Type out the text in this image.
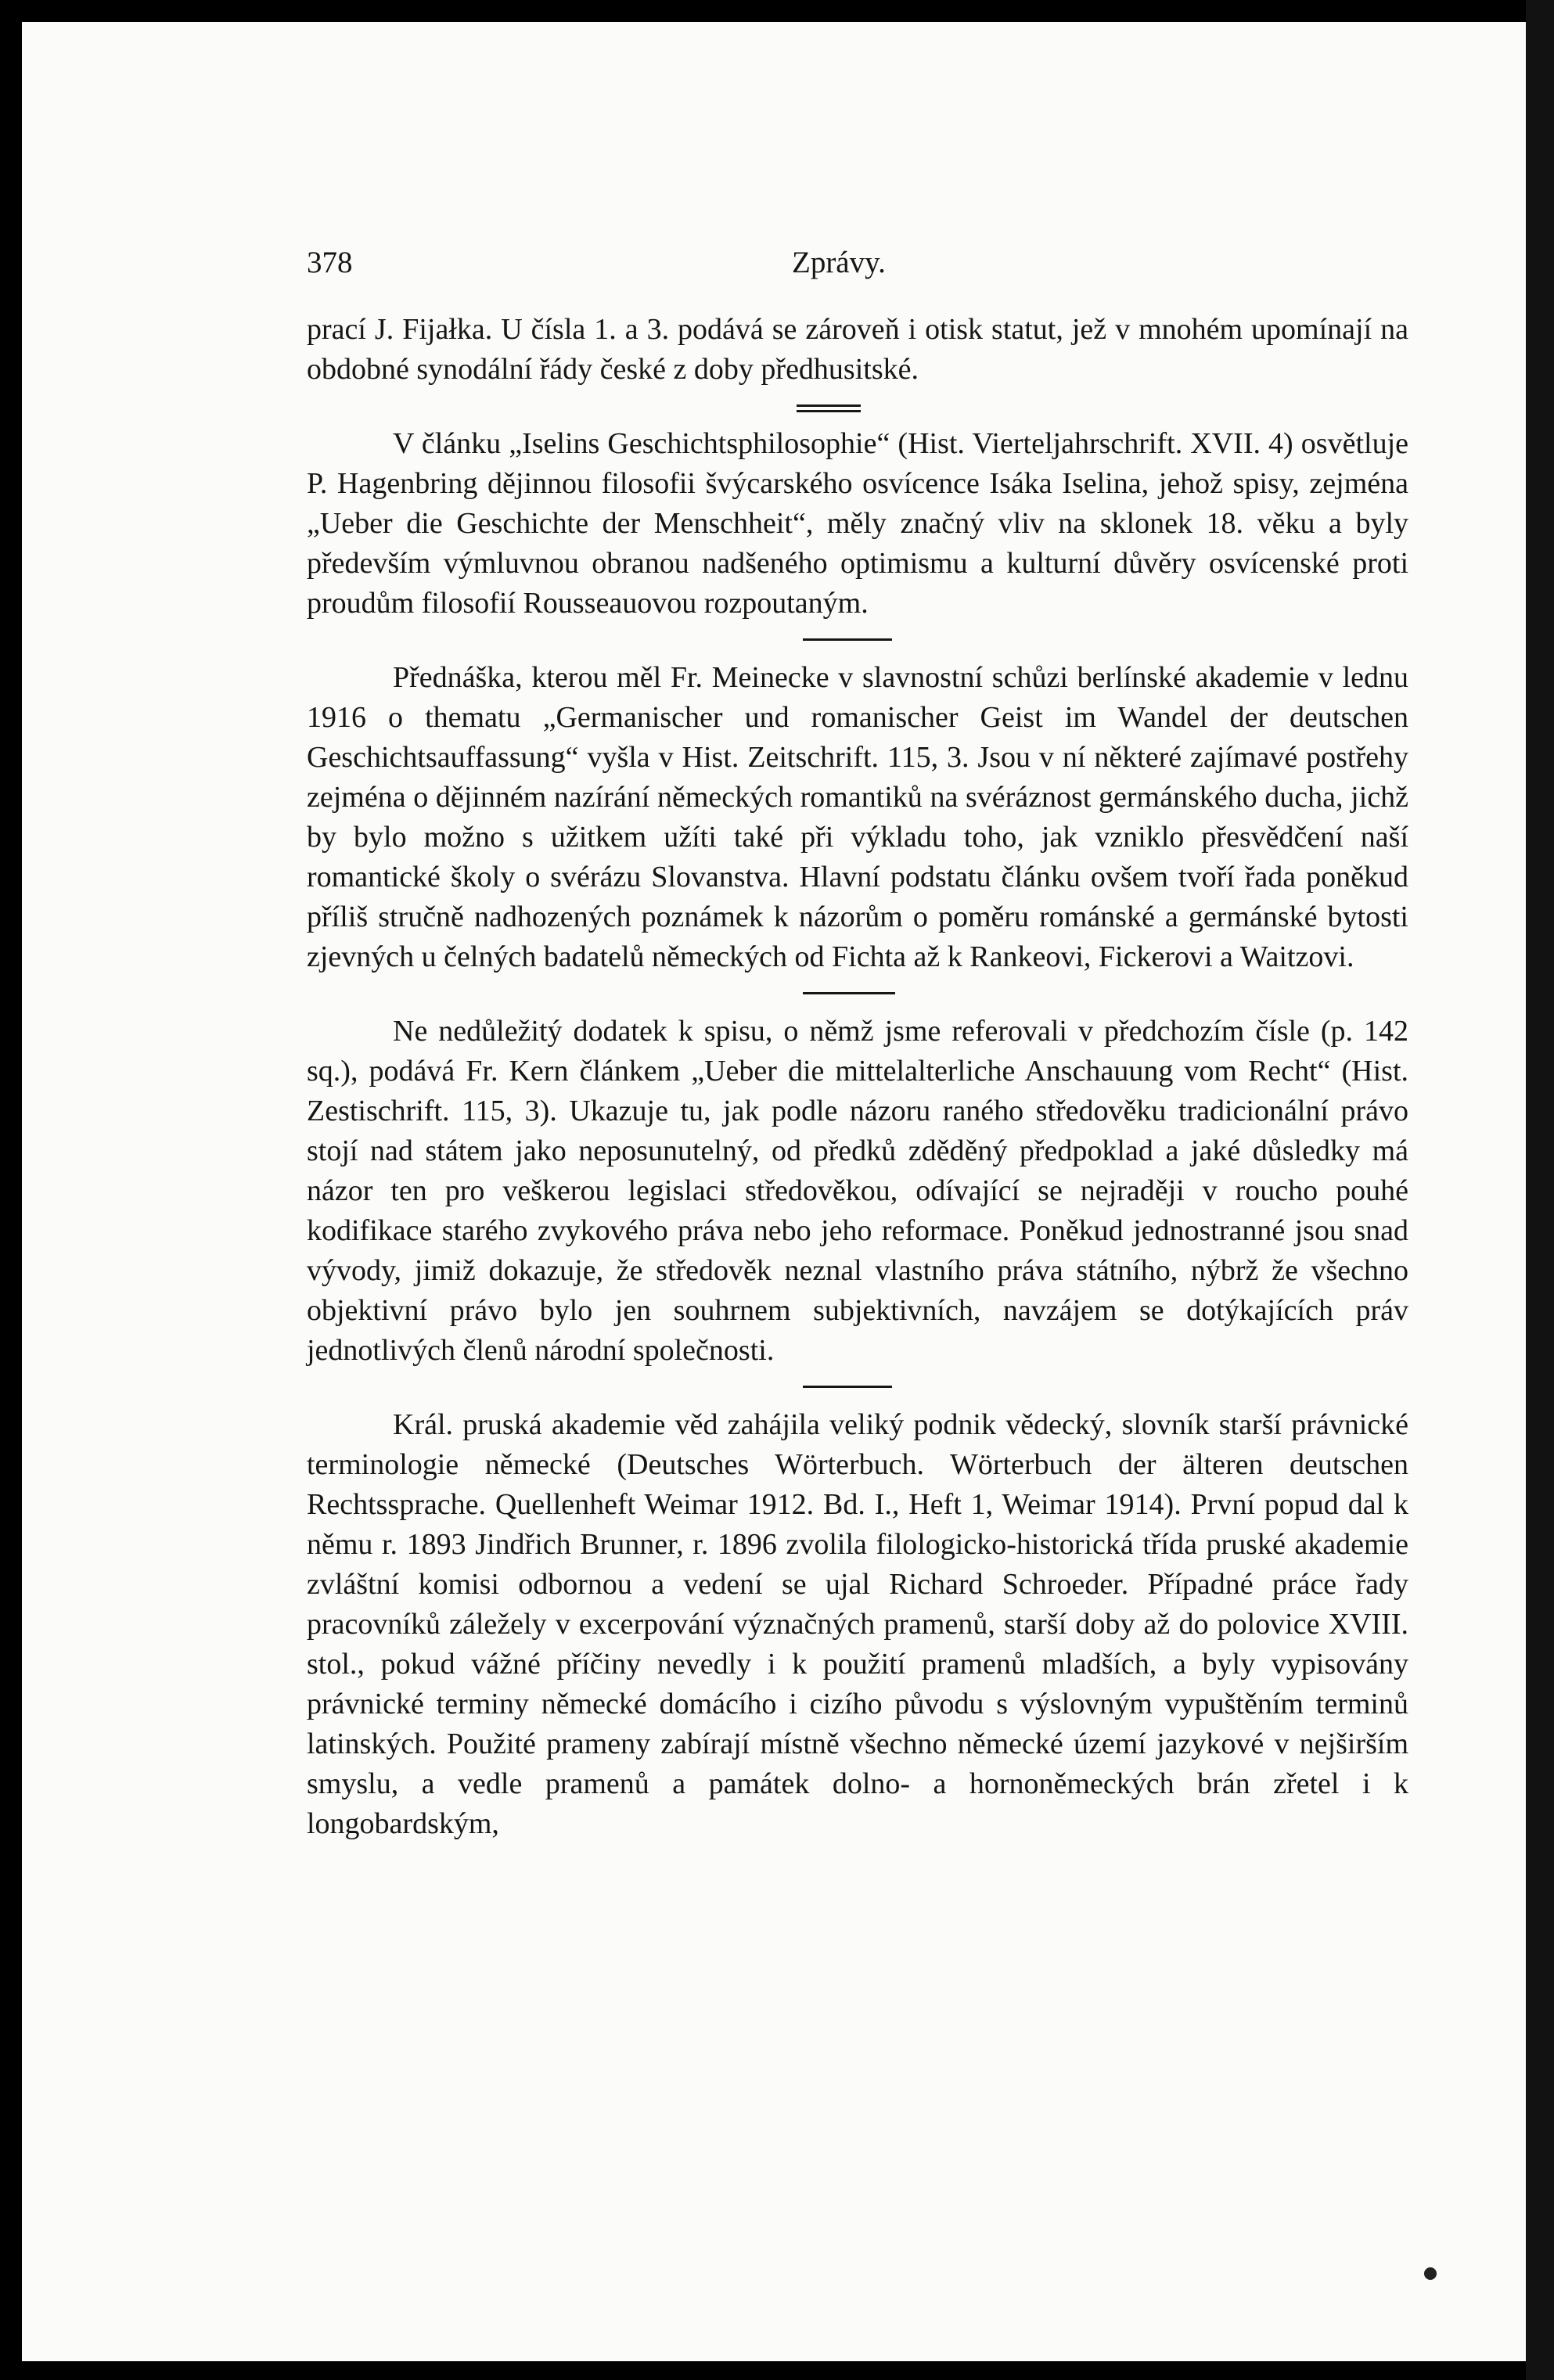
378	Zprávy.

prací J. Fijałka. U čísla 1. a 3. podává se zároveň i otisk statut, jež v mnohém upomínají na obdobné synodální řády české z doby předhusitské.

V článku „Iselins Geschichtsphilosophie“ (Hist. Vierteljahrschrift. XVII. 4) osvětluje P. Hagenbring dějinnou filosofii švýcarského osvícence Isáka Iselina, jehož spisy, zejména „Ueber die Geschichte der Menschheit“, měly značný vliv na sklonek 18. věku a byly především výmluvnou obranou nadšeného optimismu a kulturní důvěry osvícenské proti proudům filosofií Rousseauovou rozpoutaným.

Přednáška, kterou měl Fr. Meinecke v slavnostní schůzi berlínské akademie v lednu 1916 o thematu „Germanischer und romanischer Geist im Wandel der deutschen Geschichtsauffassung“ vyšla v Hist. Zeitschrift. 115, 3. Jsou v ní některé zajímavé postřehy zejména o dějinném nazírání německých romantiků na svéráznost germánského ducha, jichž by bylo možno s užitkem užíti také při výkladu toho, jak vzniklo přesvědčení naší romantické školy o svérázu Slovanstva. Hlavní podstatu článku ovšem tvoří řada poněkud příliš stručně nadhozených poznámek k názorům o poměru románské a germánské bytosti zjevných u čelných badatelů německých od Fichta až k Rankeovi, Fickerovi a Waitzovi.

Ne nedůležitý dodatek k spisu, o němž jsme referovali v předchozím čísle (p. 142 sq.), podává Fr. Kern článkem „Ueber die mittelalterliche Anschauung vom Recht“ (Hist. Zestischrift. 115, 3). Ukazuje tu, jak podle názoru raného středověku tradicionální právo stojí nad státem jako neposunutelný, od předků zděděný předpoklad a jaké důsledky má názor ten pro veškerou legislaci středověkou, odívající se nejraději v roucho pouhé kodifikace starého zvykového práva nebo jeho reformace. Poněkud jednostranné jsou snad vývody, jimiž dokazuje, že středověk neznal vlastního práva státního, nýbrž že všechno objektivní právo bylo jen souhrnem subjektivních, navzájem se dotýkajících práv jednotlivých členů národní společnosti.

Král. pruská akademie věd zahájila veliký podnik vědecký, slovník starší právnické terminologie německé (Deutsches Wörterbuch. Wörterbuch der älteren deutschen Rechtssprache. Quellenheft Weimar 1912. Bd. I., Heft 1, Weimar 1914). První popud dal k němu r. 1893 Jindřich Brunner, r. 1896 zvolila filologicko-historická třída pruské akademie zvláštní komisi odbornou a vedení se ujal Richard Schroeder. Případné práce řady pracovníků záležely v excerpování význačných pramenů, starší doby až do polovice XVIII. stol., pokud vážné příčiny nevedly i k použití pramenů mladších, a byly vypisovány právnické terminy německé domácího i cizího původu s výslovným vypuštěním terminů latinských. Použité prameny zabírají místně všechno německé území jazykové v nejširším smyslu, a vedle pramenů a památek dolno- a hornoněmeckých brán zřetel i k longobardským,
